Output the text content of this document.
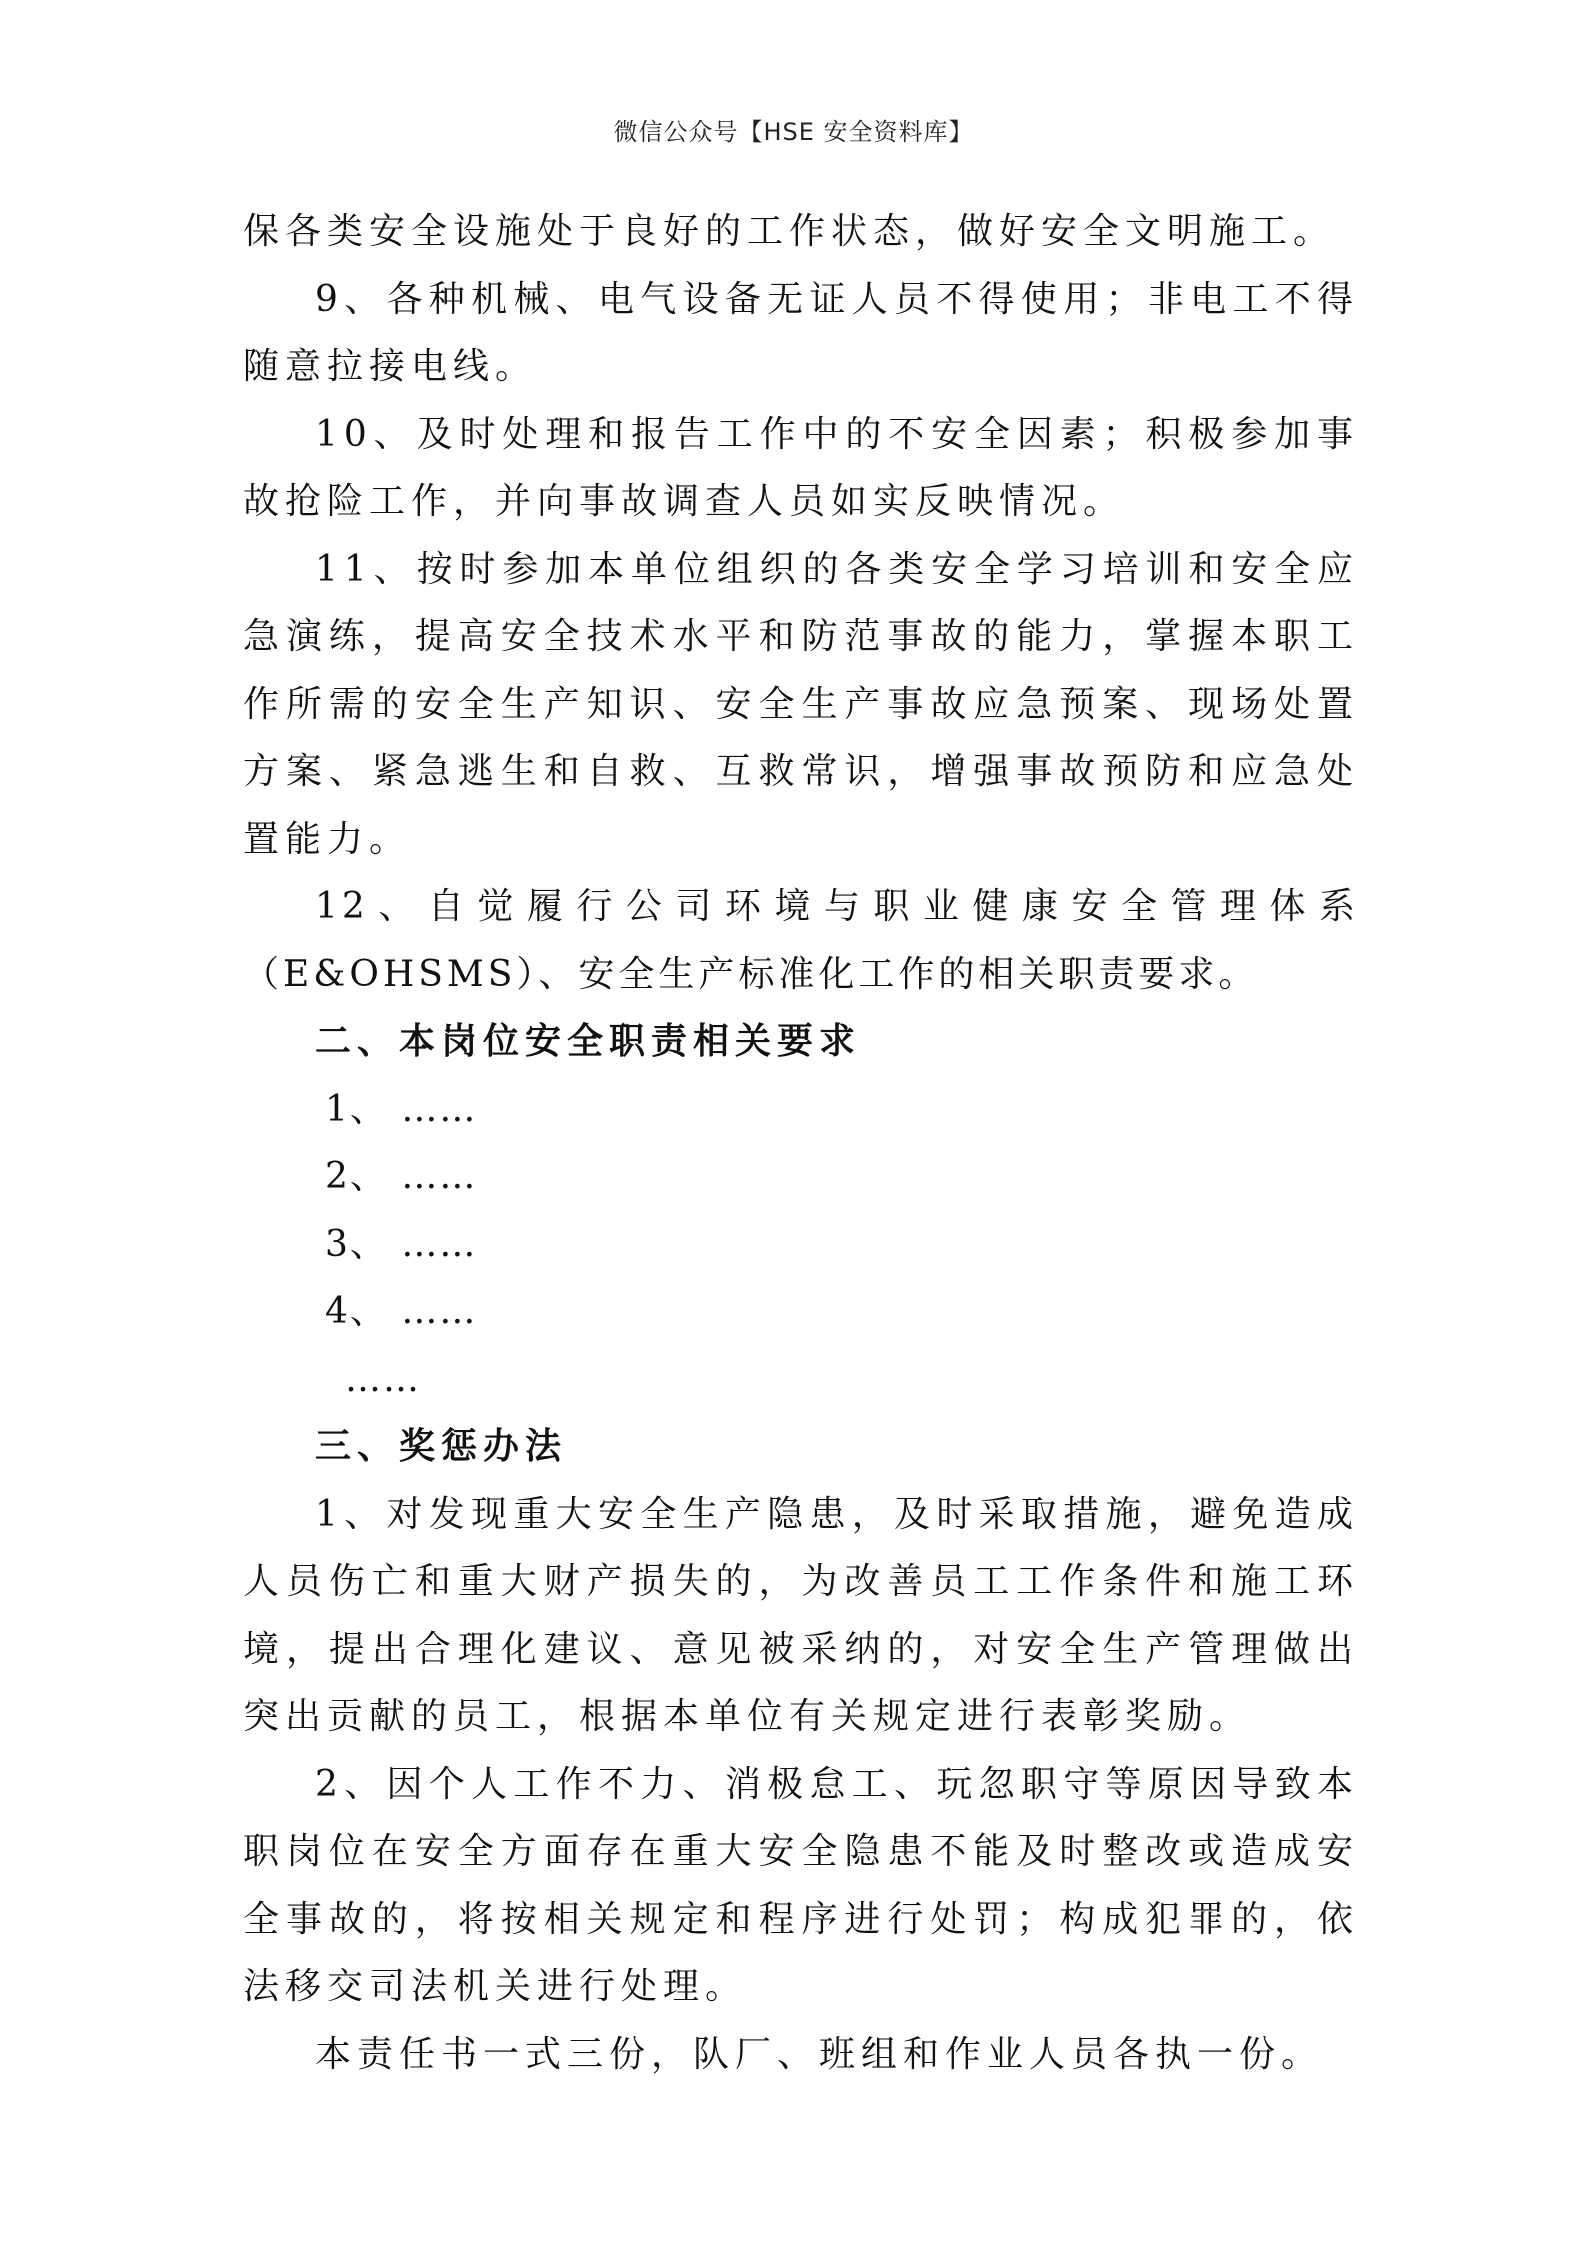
微信公众号【HSE 安全资料库】

保各类安全设施处于良好的工作状态，做好安全文明施工。

9、各种机械、电气设备无证人员不得使用；非电工不得随意拉接电线。

10、及时处理和报告工作中的不安全因素；积极参加事故抢险工作，并向事故调查人员如实反映情况。

11、按时参加本单位组织的各类安全学习培训和安全应急演练，提高安全技术水平和防范事故的能力，掌握本职工作所需的安全生产知识、安全生产事故应急预案、现场处置方案、紧急逃生和自救、互救常识，增强事故预防和应急处置能力。

12、自觉履行公司环境与职业健康安全管理体系（E&OHSMS）、安全生产标准化工作的相关职责要求。

二、本岗位安全职责相关要求

1、 ……

2、 ……

3、 ……

4、 ……

……

三、奖惩办法

1、对发现重大安全生产隐患，及时采取措施，避免造成人员伤亡和重大财产损失的，为改善员工工作条件和施工环境，提出合理化建议、意见被采纳的，对安全生产管理做出突出贡献的员工，根据本单位有关规定进行表彰奖励。

2、因个人工作不力、消极怠工、玩忽职守等原因导致本职岗位在安全方面存在重大安全隐患不能及时整改或造成安全事故的，将按相关规定和程序进行处罚；构成犯罪的，依法移交司法机关进行处理。

本责任书一式三份，队厂、班组和作业人员各执一份。
